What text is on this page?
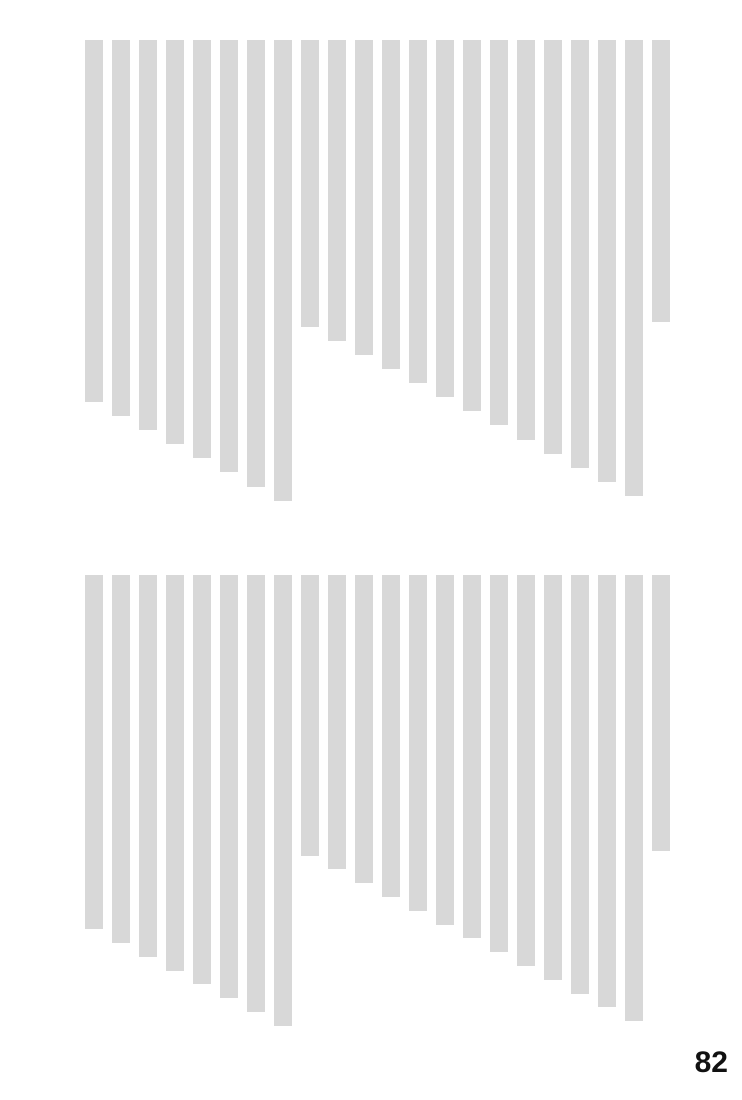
82
